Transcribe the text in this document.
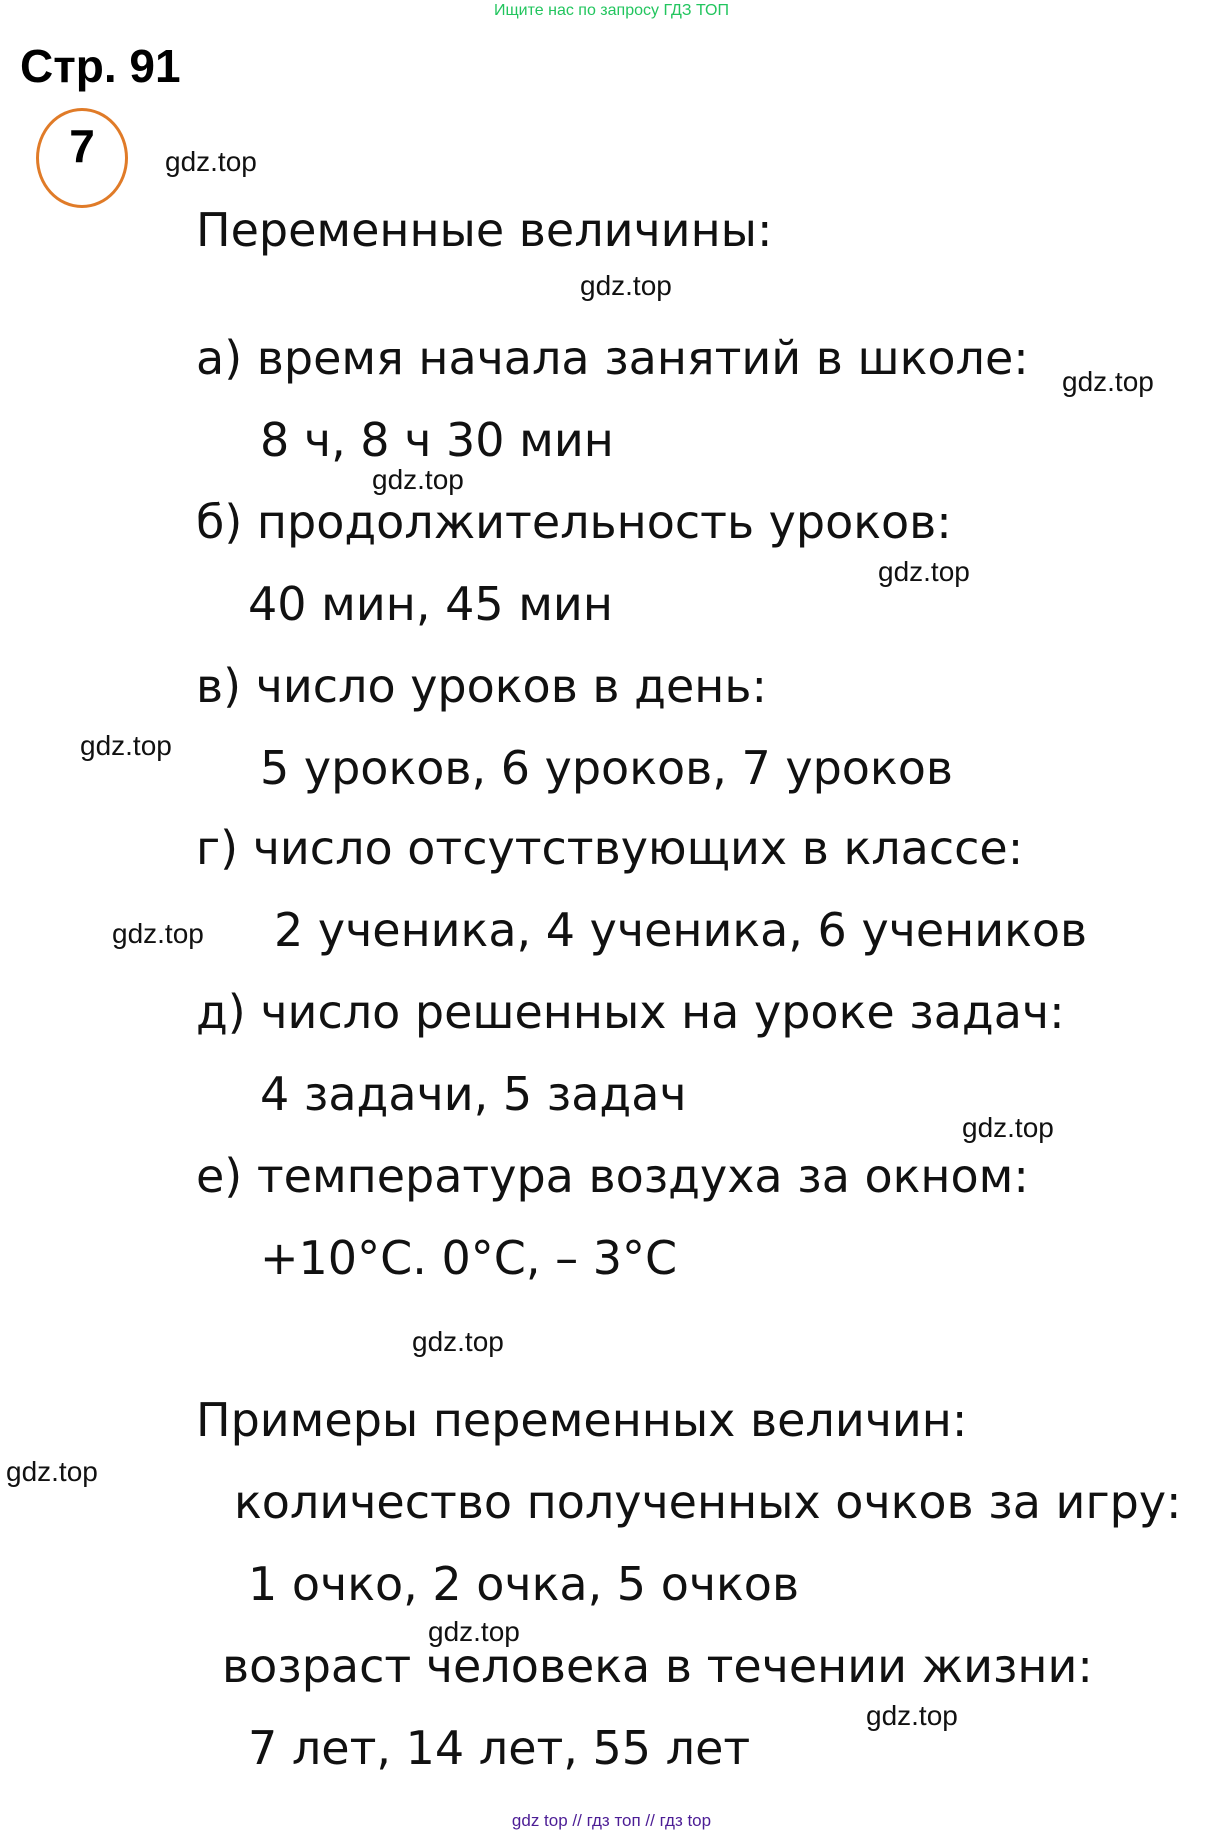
Ищите нас по запросу ГДЗ ТОП
Стр. 91
7	gdz.top
gdz.top
gdz.top
gdz.top
gdz.top
gdz.top
gdz.top
gdz.top
gdz.top
gdz.top
gdz.top
gdz.top
Переменные величины:
а) время начала занятий в школе:
8 ч, 8 ч 30 мин
б) продолжительность уроков:
40 мин, 45 мин
в) число уроков в день:
5 уроков, 6 уроков, 7 уроков
г) число отсутствующих в классе:
2 ученика, 4 ученика, 6 учеников
д) число решенных на уроке задач:
4 задачи, 5 задач
е) температура воздуха за окном:
+10°С. 0°С, – 3°С
Примеры переменных величин:
количество полученных очков за игру:
1 очко, 2 очка, 5 очков
возраст человека в течении жизни:
7 лет, 14 лет, 55 лет
gdz top // гдз топ // гдз top
